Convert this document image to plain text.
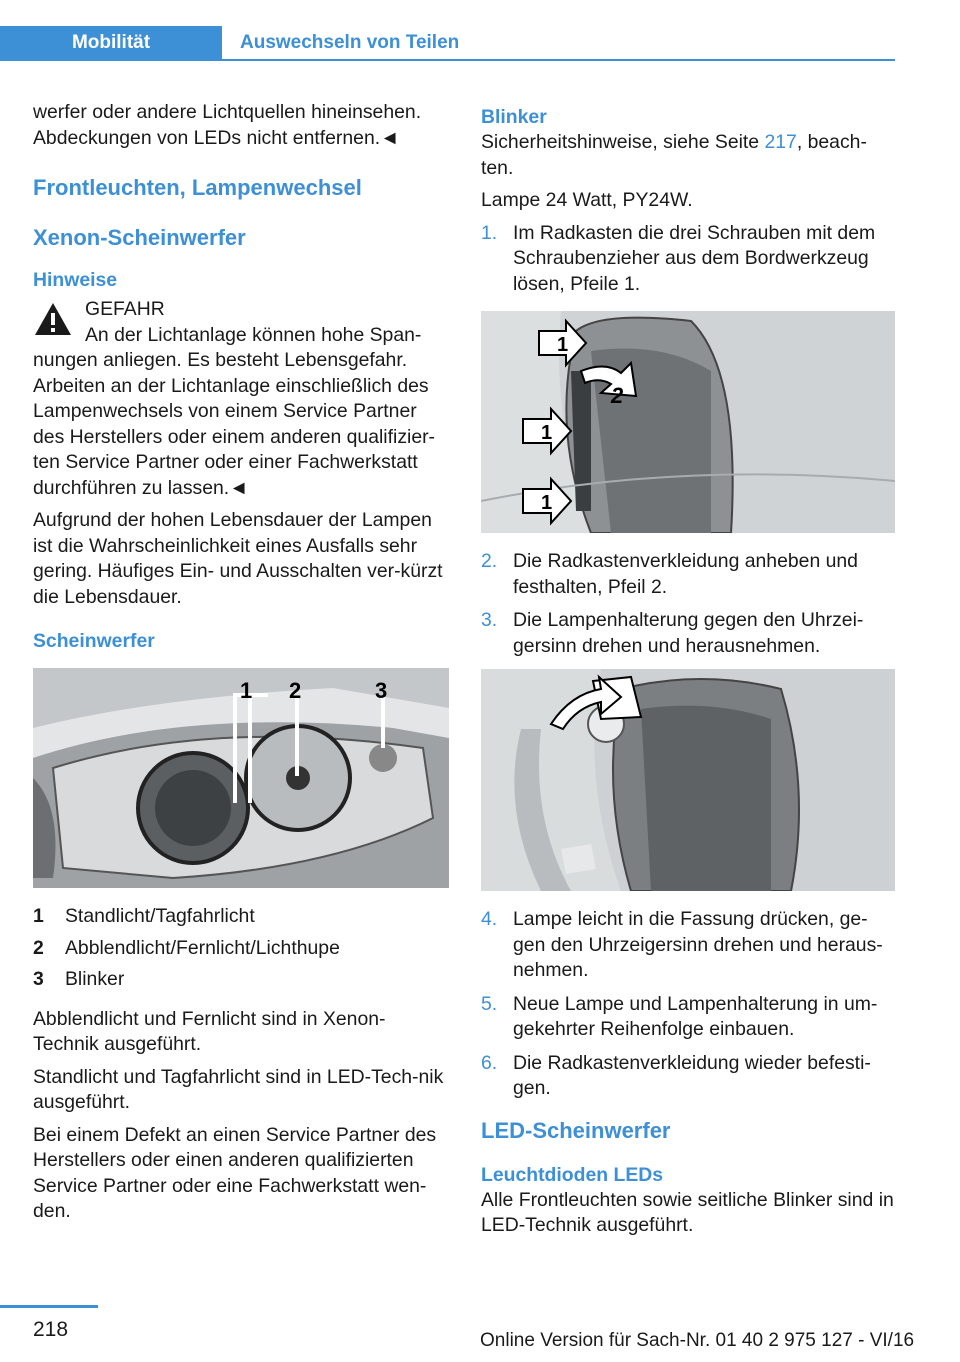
Mobilität	Auswechseln von Teilen

werfer oder andere Lichtquellen hineinsehen. Abdeckungen von LEDs nicht entfernen.◄

Frontleuchten, Lampenwechsel
Xenon-Scheinwerfer
Hinweise

GEFAHR

An der Lichtanlage können hohe Span-

nungen anliegen. Es besteht Lebensgefahr. Arbeiten an der Lichtanlage einschließlich des Lampenwechsels von einem Service Partner des Herstellers oder einem anderen qualifizier-ten Service Partner oder einer Fachwerkstatt durchführen zu lassen.◄

Aufgrund der hohen Lebensdauer der Lampen ist die Wahrscheinlichkeit eines Ausfalls sehr gering. Häufiges Ein- und Ausschalten ver-kürzt die Lebensdauer.

Scheinwerfer
1 2	3
1	Standlicht/Tagfahrlicht
2	Abblendlicht/Fernlicht/Lichthupe
3	Blinker

Abblendlicht und Fernlicht sind in Xenon-Technik ausgeführt.

Standlicht und Tagfahrlicht sind in LED-Tech-nik ausgeführt.

Bei einem Defekt an einen Service Partner des Herstellers oder einen anderen qualifizierten Service Partner oder eine Fachwerkstatt wen-den.

Blinker

Sicherheitshinweise, siehe Seite 217, beach-ten.

Lampe 24 Watt, PY24W.

1. Im Radkasten die drei Schrauben mit dem Schraubenzieher aus dem Bordwerkzeug lösen, Pfeile 1.
1
2
1
1
2. Die Radkastenverkleidung anheben und festhalten, Pfeil 2.
3. Die Lampenhalterung gegen den Uhrzei-gersinn drehen und herausnehmen.
4. Lampe leicht in die Fassung drücken, ge-gen den Uhrzeigersinn drehen und heraus-nehmen.
5. Neue Lampe und Lampenhalterung in um-gekehrter Reihenfolge einbauen.
6. Die Radkastenverkleidung wieder befesti-gen.
LED-Scheinwerfer
Leuchtdioden LEDs

Alle Frontleuchten sowie seitliche Blinker sind in LED-Technik ausgeführt.

218	Online Version für Sach-Nr. 01 40 2 975 127 - VI/16
